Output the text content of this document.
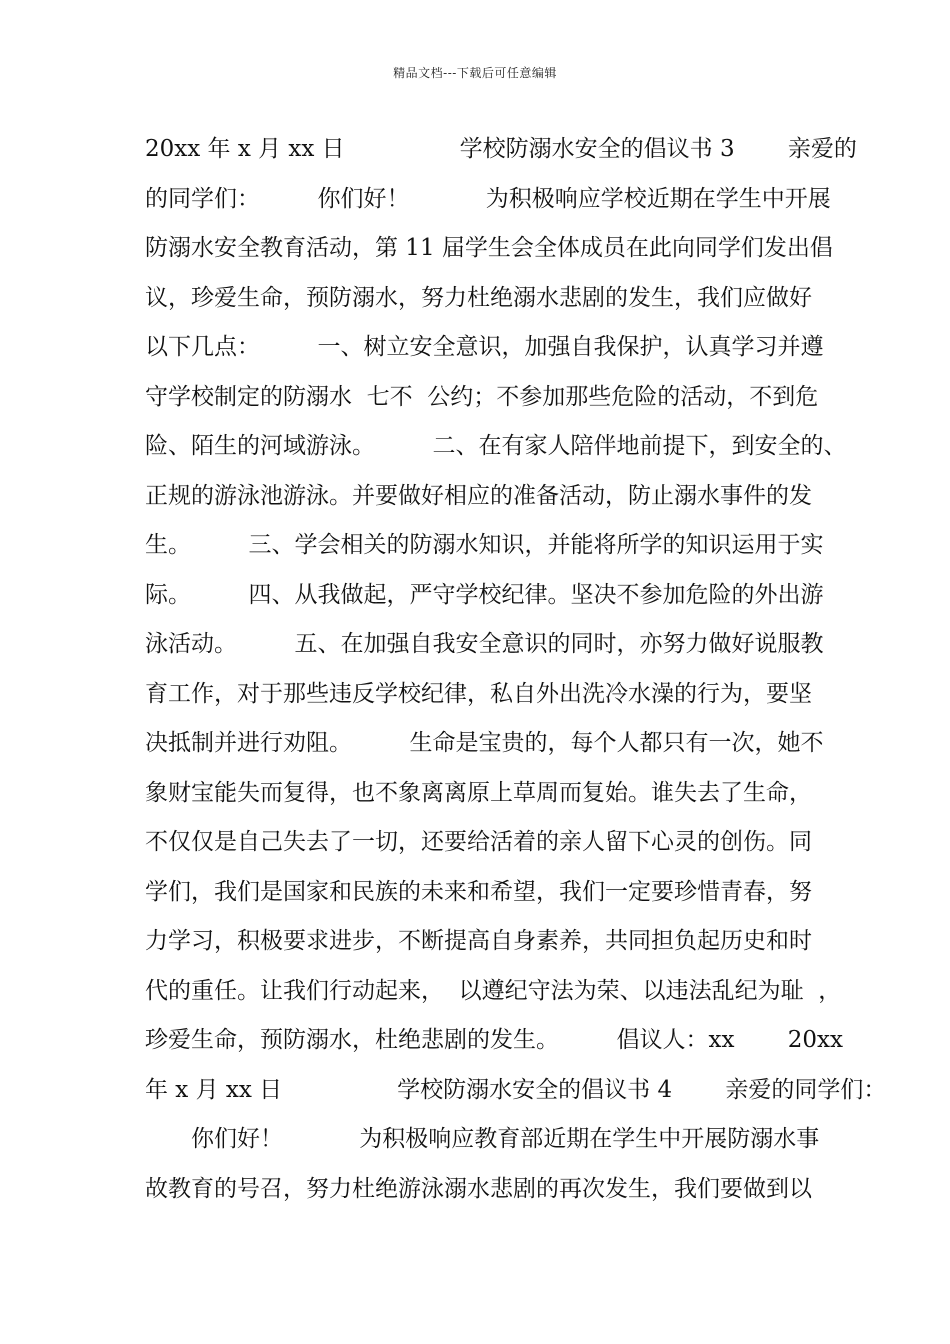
精品文档---下载后可任意编辑
20xx 年 x 月 xx 日　　　　　学校防溺水安全的倡议书 3　　 亲爱的
的同学们：　　　你们好！　　　 为积极响应学校近期在学生中开展
防溺水安全教育活动，第 11 届学生会全体成员在此向同学们发出倡
议，珍爱生命，预防溺水，努力杜绝溺水悲剧的发生，我们应做好
以下几点：　　　一、树立安全意识，加强自我保护，认真学习并遵
守学校制定的防溺水  七不  公约；不参加那些危险的活动，不到危
险、陌生的河域游泳。　　　二、在有家人陪伴地前提下，到安全的、
正规的游泳池游泳。并要做好相应的准备活动，防止溺水事件的发
生。　　　三、学会相关的防溺水知识，并能将所学的知识运用于实
际。　　　四、从我做起，严守学校纪律。坚决不参加危险的外出游
泳活动。　　　五、在加强自我安全意识的同时，亦努力做好说服教
育工作，对于那些违反学校纪律，私自外出洗冷水澡的行为，要坚
决抵制并进行劝阻。　　　生命是宝贵的，每个人都只有一次，她不
象财宝能失而复得，也不象离离原上草周而复始。谁失去了生命，
不仅仅是自己失去了一切，还要给活着的亲人留下心灵的创伤。同
学们，我们是国家和民族的未来和希望，我们一定要珍惜青春，努
力学习，积极要求进步，不断提高自身素养，共同担负起历史和时
代的重任。让我们行动起来，  以遵纪守法为荣、以违法乱纪为耻  ，
珍爱生命，预防溺水，杜绝悲剧的发生。　　　倡议人：xx　　 20xx
年 x 月 xx 日　　　　　学校防溺水安全的倡议书 4　　 亲爱的同学们：
　　你们好！　　　 为积极响应教育部近期在学生中开展防溺水事
故教育的号召，努力杜绝游泳溺水悲剧的再次发生，我们要做到以
